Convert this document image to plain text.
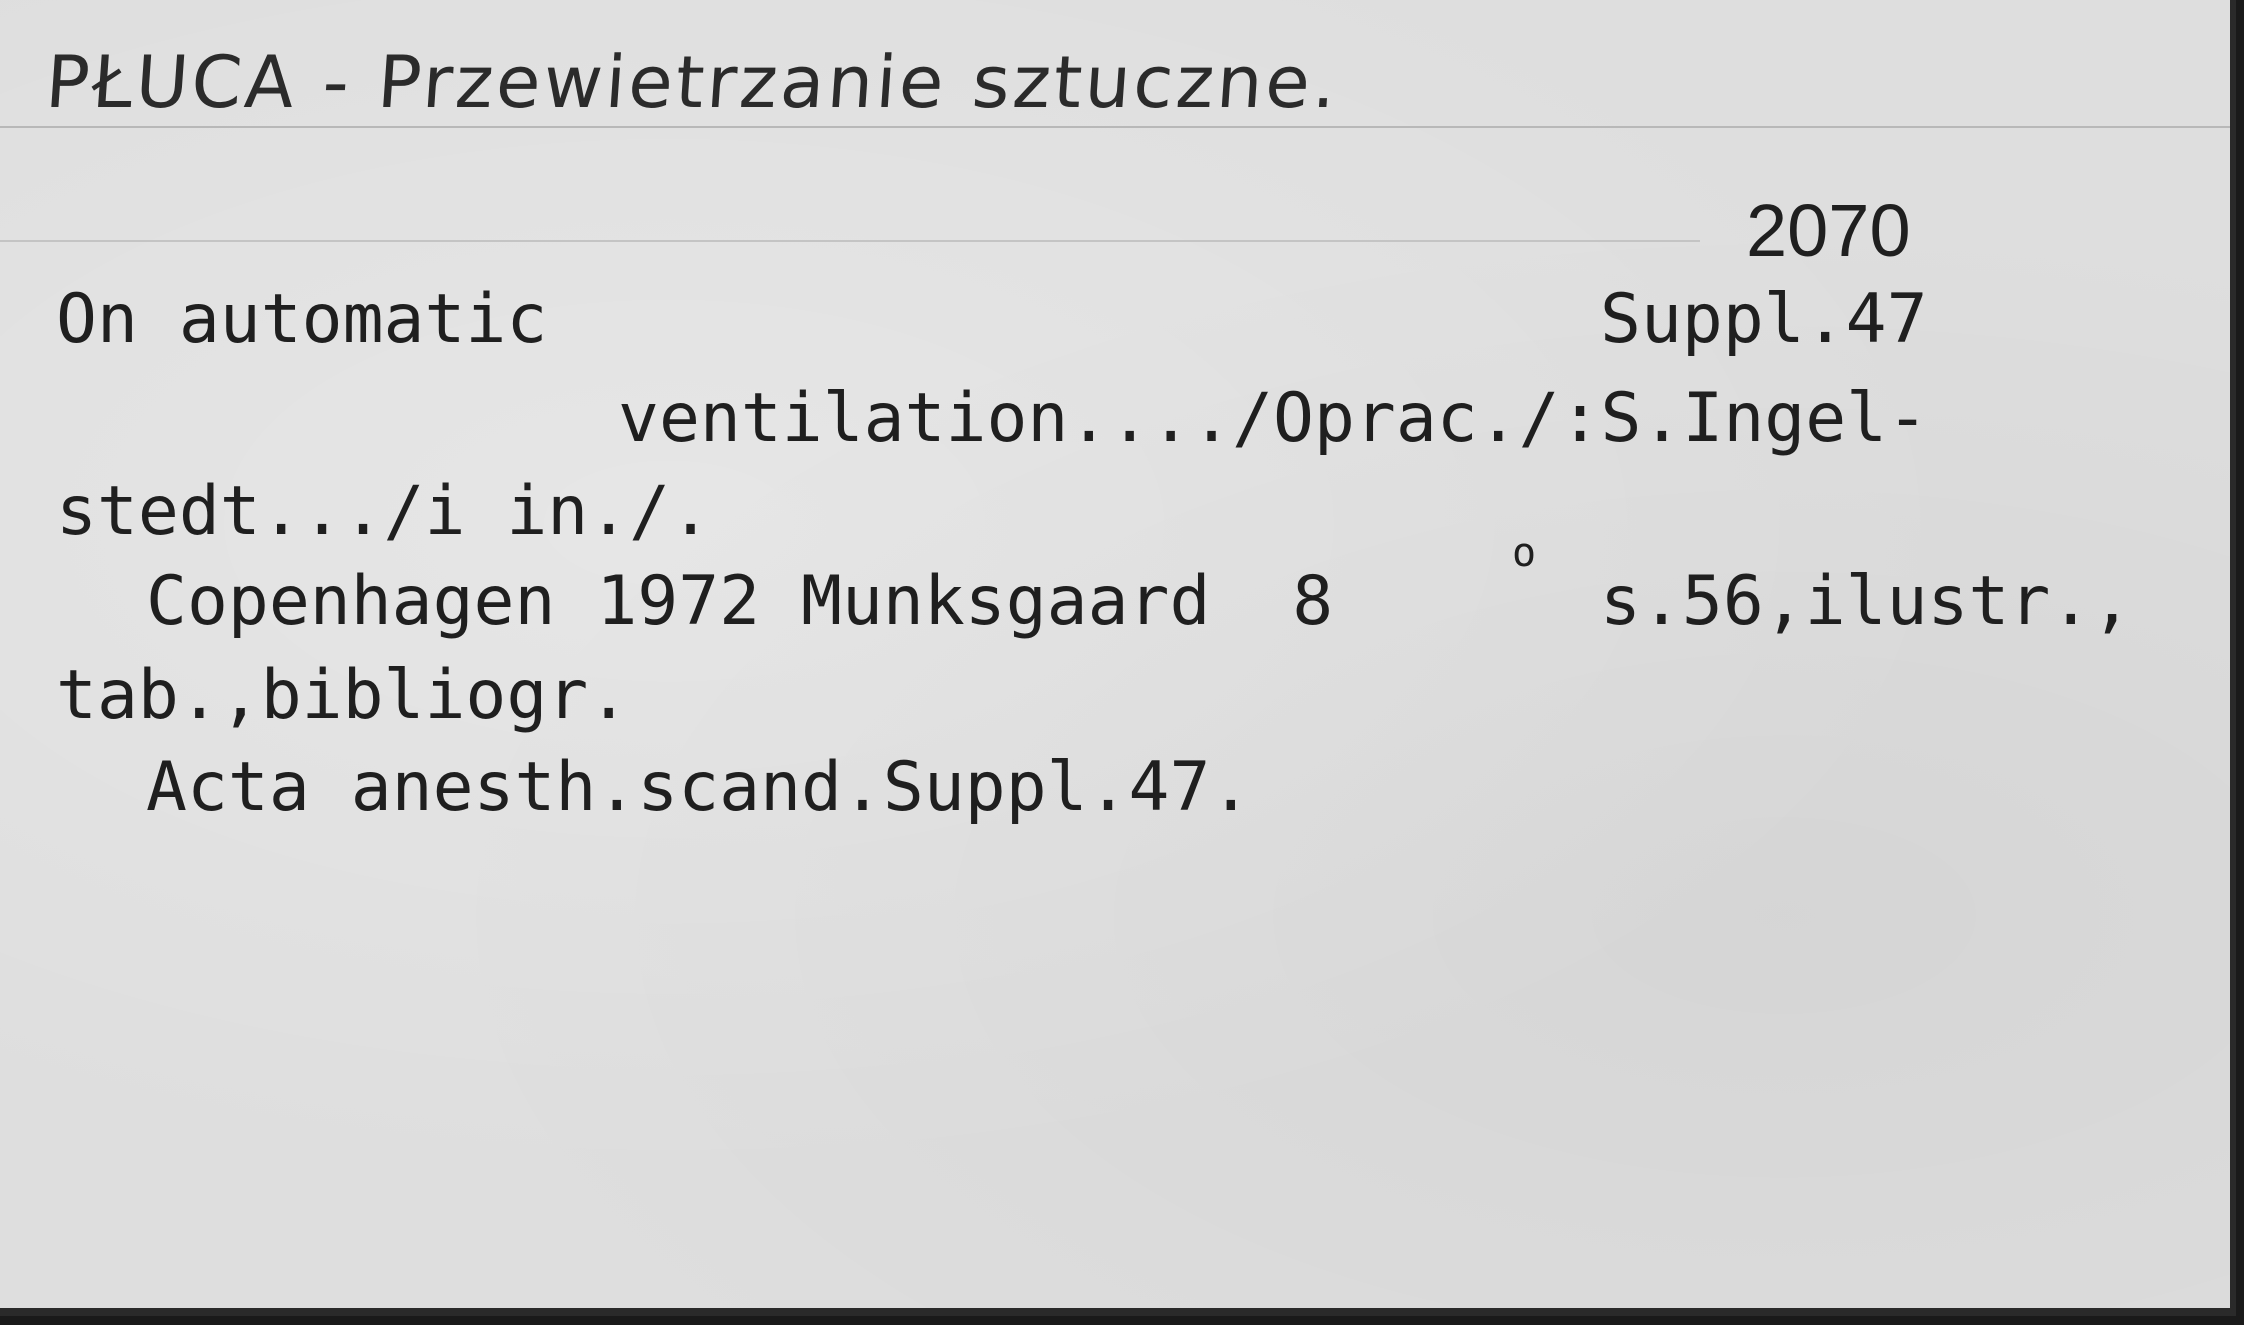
PŁUCA - Przewietrzanie sztuczne.
2070
Suppl.47
On automatic
ventilation..../Oprac./:S.Ingel-
stedt.../i in./.
Copenhagen 1972 Munksgaard  8
o
s.56,ilustr.,
tab.,bibliogr.
Acta anesth.scand.Suppl.47.
